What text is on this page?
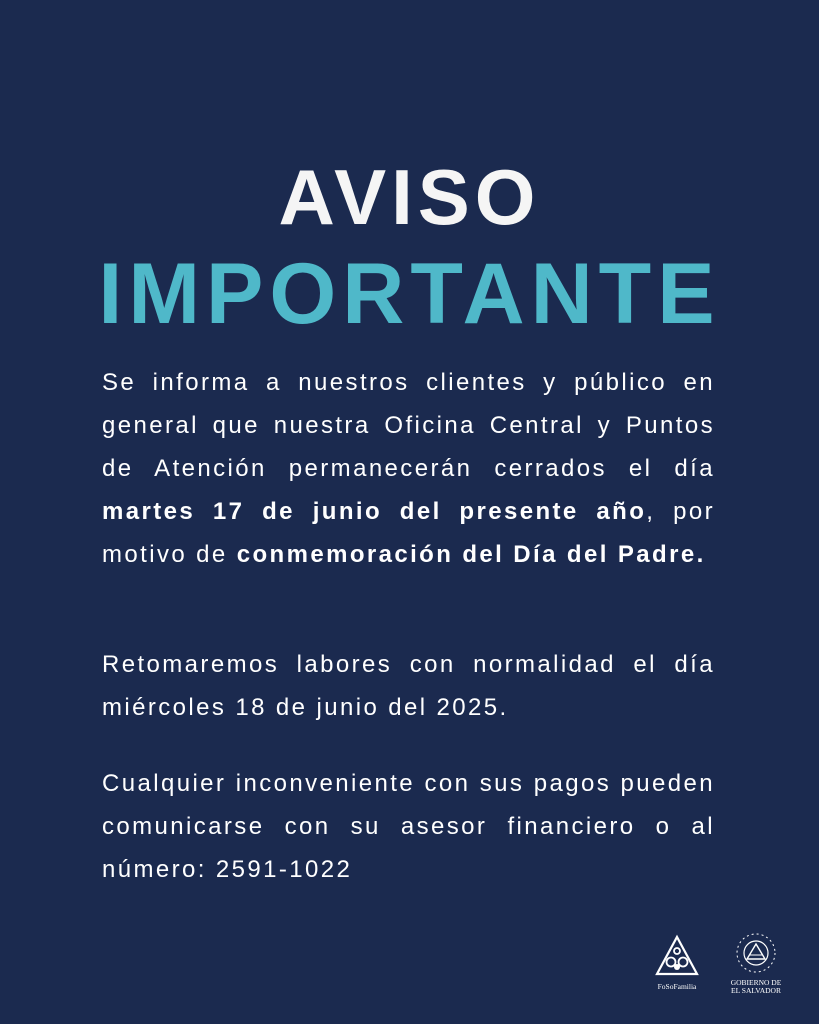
AVISO
IMPORTANTE

Se informa a nuestros clientes y público en general que nuestra Oficina Central y Puntos de Atención permanecerán cerrados el día martes 17 de junio del presente año, por motivo de conmemoración del Día del Padre.

Retomaremos labores con normalidad el día miércoles 18 de junio del 2025.

Cualquier inconveniente con sus pagos pueden comunicarse con su asesor financiero o al número: 2591-1022

FoSoFamilia	GOBIERNO DE
EL SALVADOR
